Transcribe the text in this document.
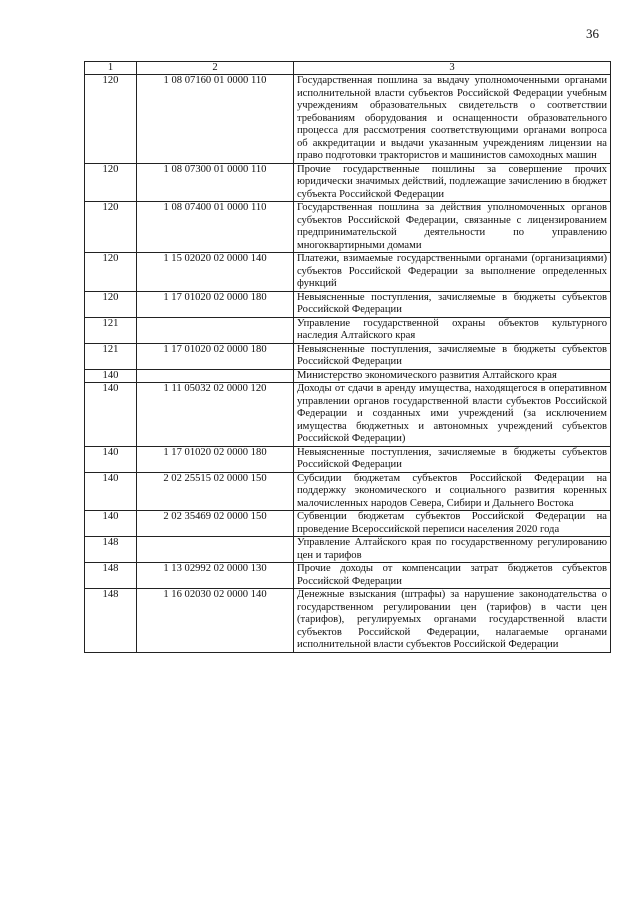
36
1	2	3
120	1 08 07160 01 0000 110	Государственная пошлина за выдачу уполномоченными органами исполнительной власти субъектов Российской Федерации учебным учреждениям образовательных свидетельств о соответствии требованиям оборудования и оснащенности образовательного процесса для рассмотрения соответствующими органами вопроса об аккредитации и выдачи указанным учреждениям лицензии на право подготовки трактористов и машинистов самоходных машин
120	1 08 07300 01 0000 110	Прочие государственные пошлины за совершение прочих юридически значимых действий, подлежащие зачислению в бюджет субъекта Российской Федерации
120	1 08 07400 01 0000 110	Государственная пошлина за действия уполномоченных органов субъектов Российской Федерации, связанные с лицензированием предпринимательской деятельности по управлению многоквартирными домами
120	1 15 02020 02 0000 140	Платежи, взимаемые государственными органами (организациями) субъектов Российской Федерации за выполнение определенных функций
120	1 17 01020 02 0000 180	Невыясненные поступления, зачисляемые в бюджеты субъектов Российской Федерации
121		Управление государственной охраны объектов культурного наследия Алтайского края
121	1 17 01020 02 0000 180	Невыясненные поступления, зачисляемые в бюджеты субъектов Российской Федерации
140		Министерство экономического развития Алтайского края
140	1 11 05032 02 0000 120	Доходы от сдачи в аренду имущества, находящегося в оперативном управлении органов государственной власти субъектов Российской Федерации и созданных ими учреждений (за исключением имущества бюджетных и автономных учреждений субъектов Российской Федерации)
140	1 17 01020 02 0000 180	Невыясненные поступления, зачисляемые в бюджеты субъектов Российской Федерации
140	2 02 25515 02 0000 150	Субсидии бюджетам субъектов Российской Федерации на поддержку экономического и социального развития коренных малочисленных народов Севера, Сибири и Дальнего Востока
140	2 02 35469 02 0000 150	Субвенции бюджетам субъектов Российской Федерации на проведение Всероссийской переписи населения 2020 года
148		Управление Алтайского края по государственному регулированию цен и тарифов
148	1 13 02992 02 0000 130	Прочие доходы от компенсации затрат бюджетов субъектов Российской Федерации
148	1 16 02030 02 0000 140	Денежные взыскания (штрафы) за нарушение законодательства о государственном регулировании цен (тарифов) в части цен (тарифов), регулируемых органами государственной власти субъектов Российской Федерации, налагаемые органами исполнительной власти субъектов Российской Федерации
